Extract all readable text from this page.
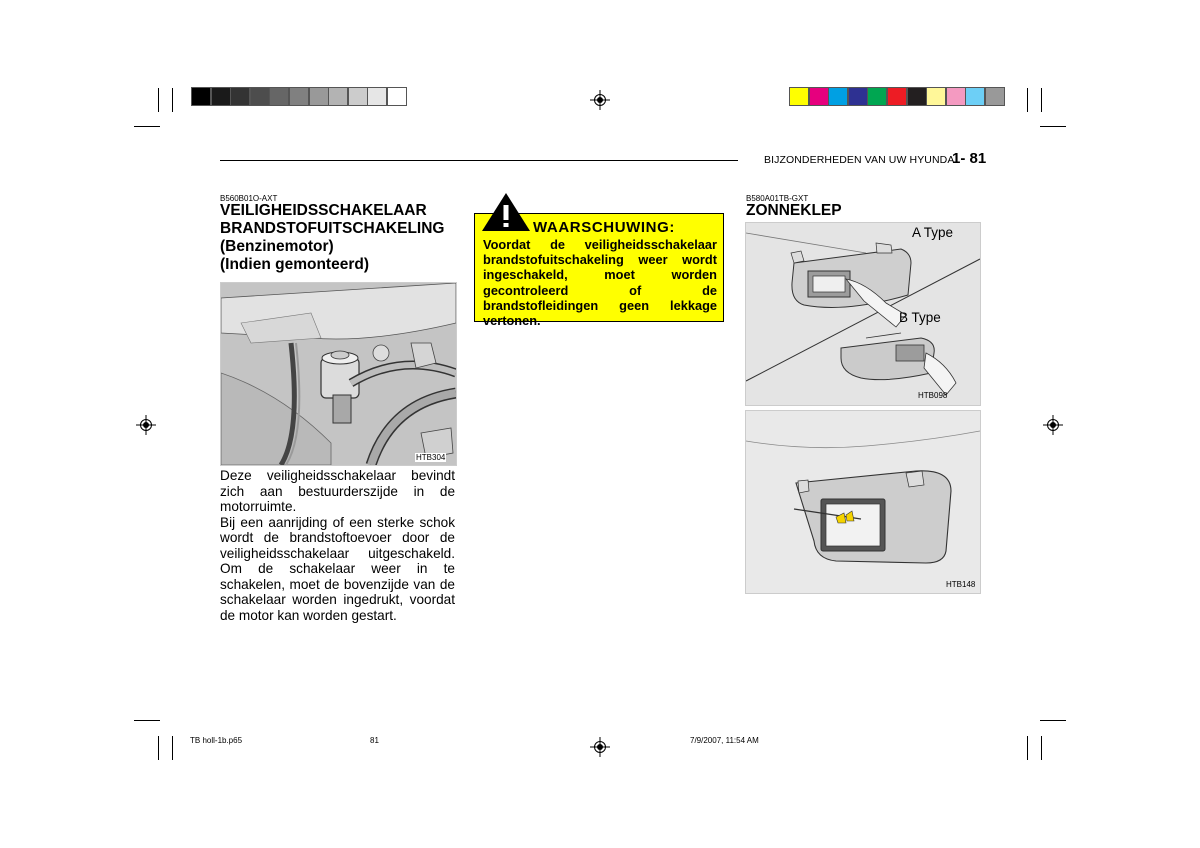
BIJZONDERHEDEN VAN UW HYUNDAI
1- 81
B560B01O-AXT
VEILIGHEIDSSCHAKELAAR
BRANDSTOFUITSCHAKELING
(Benzinemotor)
(Indien gemonteerd)
HTB304

Deze veiligheidsschakelaar bevindt zich aan bestuurderszijde in de motorruimte.

Bij een aanrijding of een sterke schok wordt de brandstoftoevoer door de veiligheidsschakelaar uitgeschakeld. Om de schakelaar weer in te schakelen, moet de bovenzijde van de schakelaar worden ingedrukt, voordat de motor kan worden gestart.

WAARSCHUWING:
Voordat de veiligheidsschakelaar brandstofuitschakeling weer wordt ingeschakeld, moet worden gecontroleerd of de brandstofleidingen geen lekkage vertonen.
B580A01TB-GXT
ZONNEKLEP
A Type
B Type
HTB098
HTB148
TB holl-1b.p65	81	7/9/2007, 11:54 AM
